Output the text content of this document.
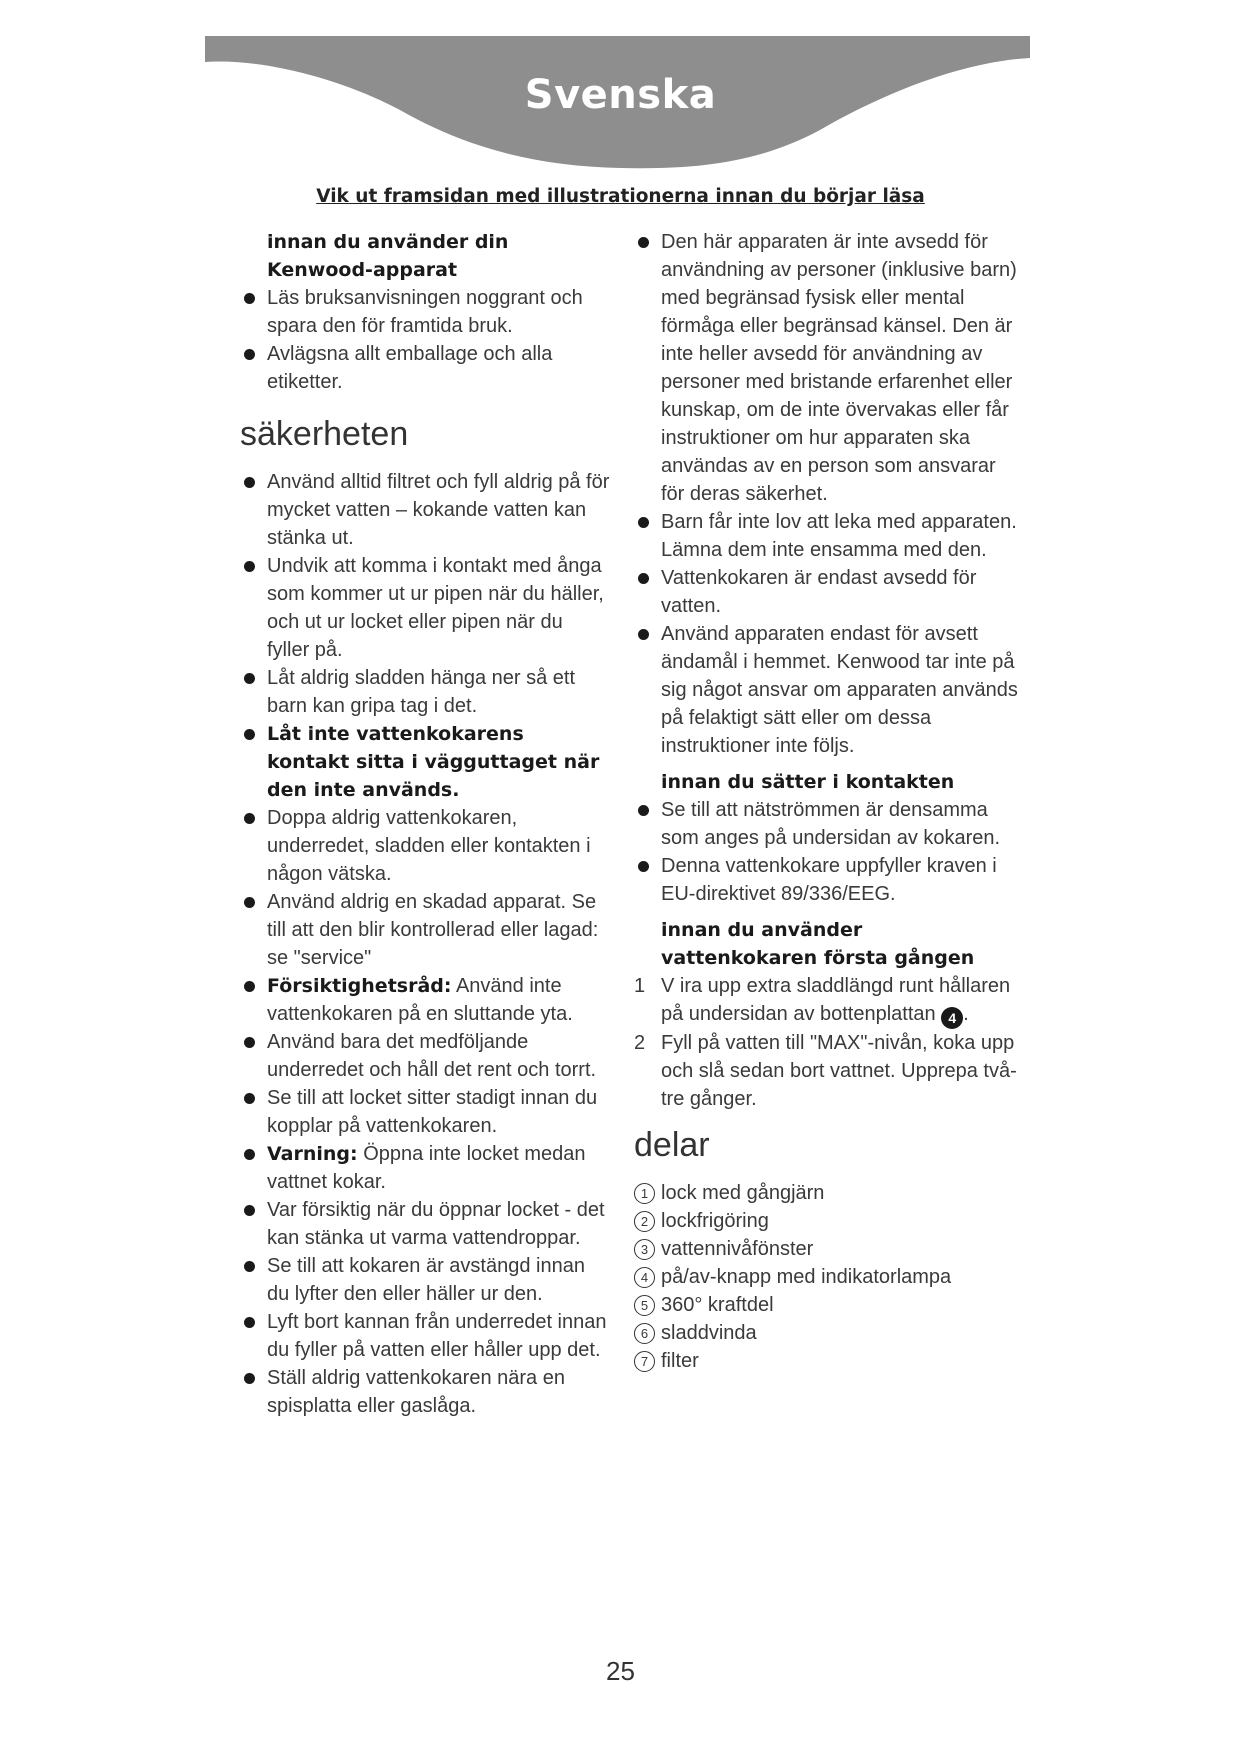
Svenska
Vik ut framsidan med illustrationerna innan du börjar läsa
innan du använder din
Kenwood-apparat
Läs bruksanvisningen noggrant och spara den för framtida bruk.
Avlägsna allt emballage och alla etiketter.
säkerheten
Använd alltid filtret och fyll aldrig på för mycket vatten – kokande vatten kan stänka ut.
Undvik att komma i kontakt med ånga som kommer ut ur pipen när du häller, och ut ur locket eller pipen när du fyller på.
Låt aldrig sladden hänga ner så ett barn kan gripa tag i det.
Låt inte vattenkokarens kontakt sitta i vägguttaget när den inte används.
Doppa aldrig vattenkokaren, underredet, sladden eller kontakten i någon vätska.
Använd aldrig en skadad apparat. Se till att den blir kontrollerad eller lagad: se "service"
Försiktighetsråd: Använd inte vattenkokaren på en sluttande yta.
Använd bara det medföljande underredet och håll det rent och torrt.
Se till att locket sitter stadigt innan du kopplar på vattenkokaren.
Varning: Öppna inte locket medan vattnet kokar.
Var försiktig när du öppnar locket - det kan stänka ut varma vattendroppar.
Se till att kokaren är avstängd innan du lyfter den eller häller ur den.
Lyft bort kannan från underredet innan du fyller på vatten eller håller upp det.
Ställ aldrig vattenkokaren nära en spisplatta eller gaslåga.
Den här apparaten är inte avsedd för användning av personer (inklusive barn) med begränsad fysisk eller mental förmåga eller begränsad känsel. Den är inte heller avsedd för användning av personer med bristande erfarenhet eller kunskap, om de inte övervakas eller får instruktioner om hur apparaten ska användas av en person som ansvarar för deras säkerhet.
Barn får inte lov att leka med apparaten. Lämna dem inte ensamma med den.
Vattenkokaren är endast avsedd för vatten.
Använd apparaten endast för avsett ändamål i hemmet. Kenwood tar inte på sig något ansvar om apparaten används på felaktigt sätt eller om dessa instruktioner inte följs.
innan du sätter i kontakten
Se till att nätströmmen är densamma som anges på undersidan av kokaren.
Denna vattenkokare uppfyller kraven i EU-direktivet 89/336/EEG.
innan du använder
vattenkokaren första gången
1 V ira upp extra sladdlängd runt hållaren på undersidan av bottenplattan 4 .
2 Fyll på vatten till "MAX"-nivån, koka upp och slå sedan bort vattnet. Upprepa två-tre gånger.
delar
1 lock med gångjärn
2 lockfrigöring
3 vattennivåfönster
4 på/av-knapp med indikatorlampa
5 360° kraftdel
6 sladdvinda
7 filter
25
